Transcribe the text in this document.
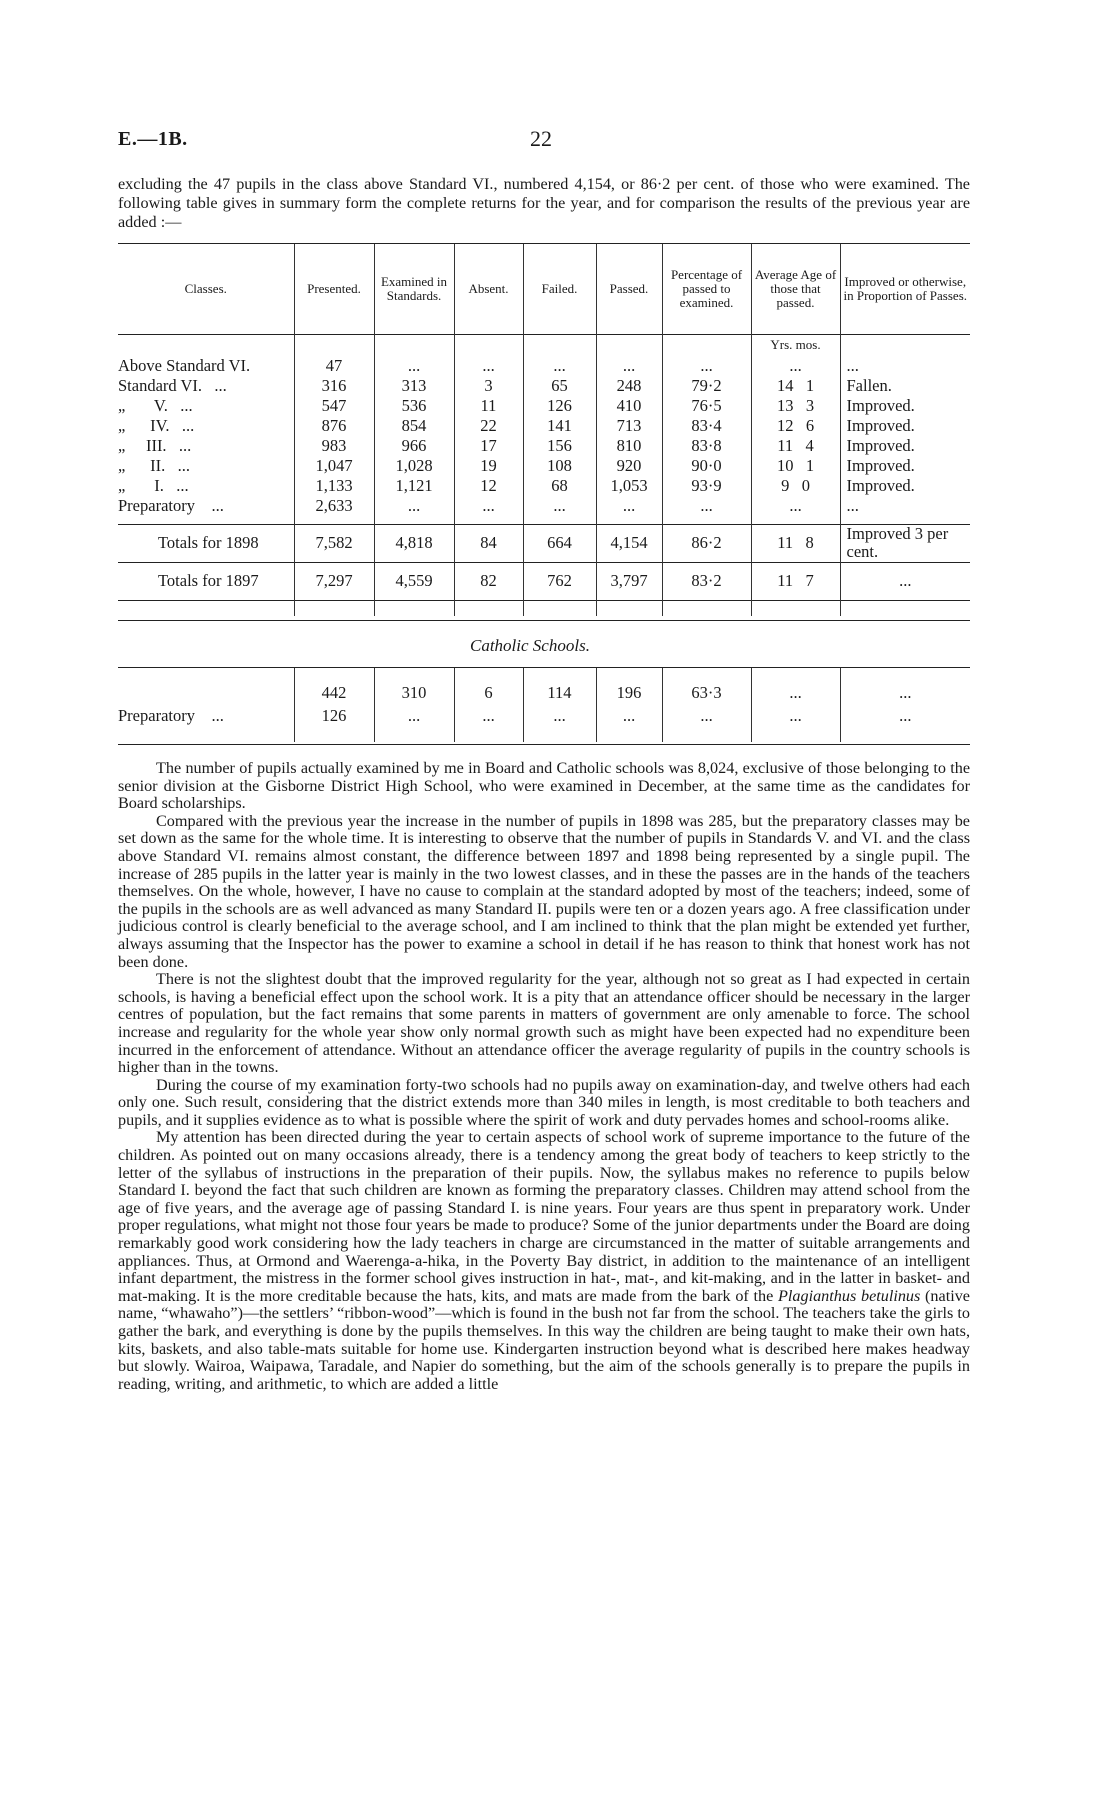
E.—1B.	22
excluding the 47 pupils in the class above Standard VI., numbered 4,154, or 86·2 per cent. of those who were examined. The following table gives in summary form the complete returns for the year, and for comparison the results of the previous year are added :—
Classes.	Presented.	Examined in Standards.	Absent.	Failed.	Passed.	Percentage of passed to examined.	Average Age of those that passed.	Improved or otherwise, in Proportion of Passes.
							Yrs. mos.	
Above Standard VI.	47	...	...	...	...	...	...	...
Standard VI.   ...	316	313	3	65	248	79·2	14   1	Fallen.
„       V.   ...	547	536	11	126	410	76·5	13   3	Improved.
„      IV.   ...	876	854	22	141	713	83·4	12   6	Improved.
„     III.   ...	983	966	17	156	810	83·8	11   4	Improved.
„      II.   ...	1,047	1,028	19	108	920	90·0	10   1	Improved.
„       I.   ...	1,133	1,121	12	68	1,053	93·9	9   0	Improved.
Preparatory    ...	2,633	...	...	...	...	...	...	...

Totals for 1898	7,582	4,818	84	664	4,154	86·2	11   8	Improved 3 per cent.
Totals for 1897	7,297	4,559	82	762	3,797	83·2	11   7	...

Catholic Schools.

	442	310	6	114	196	63·3	...	...
Preparatory    ...	126	...	...	...	...	...	...	...

The number of pupils actually examined by me in Board and Catholic schools was 8,024, exclusive of those belonging to the senior division at the Gisborne District High School, who were examined in December, at the same time as the candidates for Board scholarships.

Compared with the previous year the increase in the number of pupils in 1898 was 285, but the preparatory classes may be set down as the same for the whole time. It is interesting to observe that the number of pupils in Standards V. and VI. and the class above Standard VI. remains almost constant, the difference between 1897 and 1898 being represented by a single pupil. The increase of 285 pupils in the latter year is mainly in the two lowest classes, and in these the passes are in the hands of the teachers themselves. On the whole, however, I have no cause to complain at the standard adopted by most of the teachers; indeed, some of the pupils in the schools are as well advanced as many Standard II. pupils were ten or a dozen years ago. A free classification under judicious control is clearly beneficial to the average school, and I am inclined to think that the plan might be extended yet further, always assuming that the Inspector has the power to examine a school in detail if he has reason to think that honest work has not been done.

There is not the slightest doubt that the improved regularity for the year, although not so great as I had expected in certain schools, is having a beneficial effect upon the school work. It is a pity that an attendance officer should be necessary in the larger centres of population, but the fact remains that some parents in matters of government are only amenable to force. The school increase and regularity for the whole year show only normal growth such as might have been expected had no expenditure been incurred in the enforcement of attendance. Without an attendance officer the average regularity of pupils in the country schools is higher than in the towns.

During the course of my examination forty-two schools had no pupils away on examination-day, and twelve others had each only one. Such result, considering that the district extends more than 340 miles in length, is most creditable to both teachers and pupils, and it supplies evidence as to what is possible where the spirit of work and duty pervades homes and school-rooms alike.

My attention has been directed during the year to certain aspects of school work of supreme importance to the future of the children. As pointed out on many occasions already, there is a tendency among the great body of teachers to keep strictly to the letter of the syllabus of instructions in the preparation of their pupils. Now, the syllabus makes no reference to pupils below Standard I. beyond the fact that such children are known as forming the preparatory classes. Children may attend school from the age of five years, and the average age of passing Standard I. is nine years. Four years are thus spent in preparatory work. Under proper regulations, what might not those four years be made to produce? Some of the junior departments under the Board are doing remarkably good work considering how the lady teachers in charge are circumstanced in the matter of suitable arrangements and appliances. Thus, at Ormond and Waerenga-a-hika, in the Poverty Bay district, in addition to the maintenance of an intelligent infant department, the mistress in the former school gives instruction in hat-, mat-, and kit-making, and in the latter in basket- and mat-making. It is the more creditable because the hats, kits, and mats are made from the bark of the Plagianthus betulinus (native name, “whawaho”)—the settlers’ “ribbon-wood”—which is found in the bush not far from the school. The teachers take the girls to gather the bark, and everything is done by the pupils themselves. In this way the children are being taught to make their own hats, kits, baskets, and also table-mats suitable for home use. Kindergarten instruction beyond what is described here makes headway but slowly. Wairoa, Waipawa, Taradale, and Napier do something, but the aim of the schools generally is to prepare the pupils in reading, writing, and arithmetic, to which are added a little
